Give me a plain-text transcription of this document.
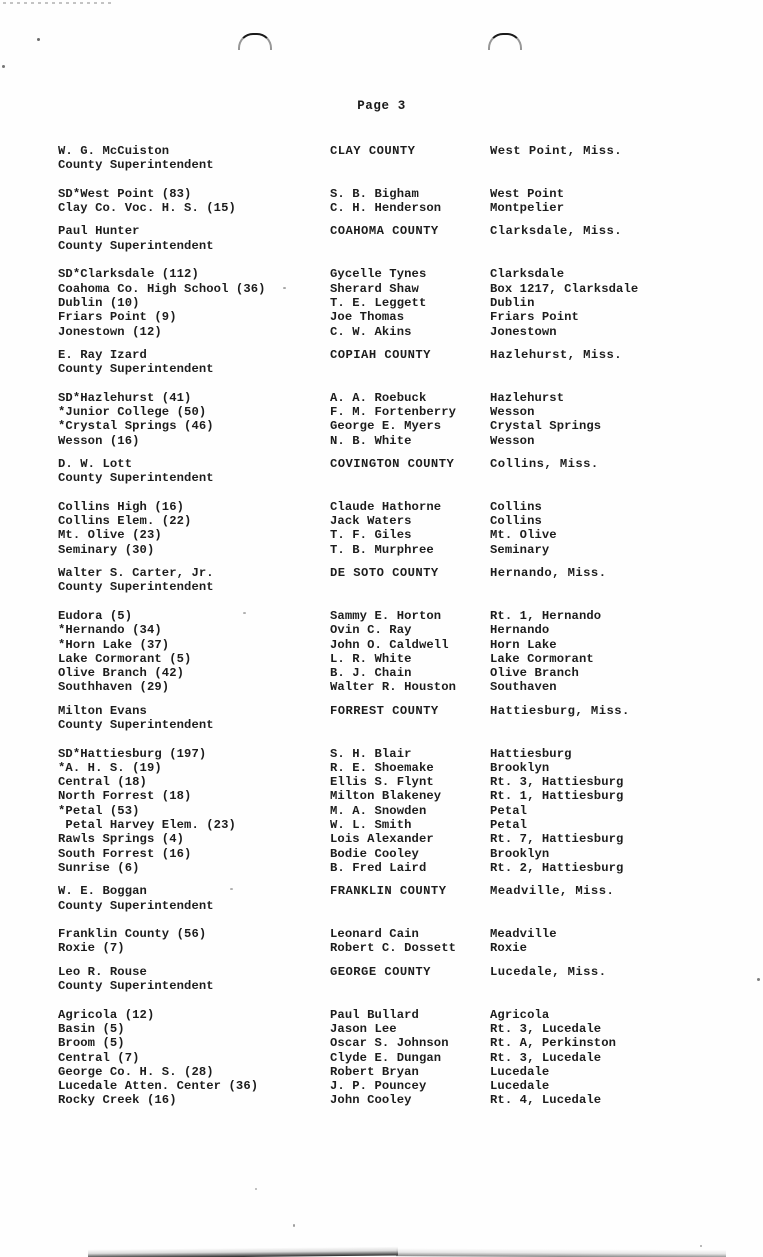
Page 3
W. G. McCuiston	CLAY COUNTY	West Point, Miss.
County Superintendent
SD*West Point (83)	S. B. Bigham	West Point
Clay Co. Voc. H. S. (15)	C. H. Henderson	Montpelier
Paul Hunter	COAHOMA COUNTY	Clarksdale, Miss.
County Superintendent
SD*Clarksdale (112)	Gycelle Tynes	Clarksdale
Coahoma Co. High School (36)	Sherard Shaw	Box 1217, Clarksdale
Dublin (10)	T. E. Leggett	Dublin
Friars Point (9)	Joe Thomas	Friars Point
Jonestown (12)	C. W. Akins	Jonestown
E. Ray Izard	COPIAH COUNTY	Hazlehurst, Miss.
County Superintendent
SD*Hazlehurst (41)	A. A. Roebuck	Hazlehurst
*Junior College (50)	F. M. Fortenberry	Wesson
*Crystal Springs (46)	George E. Myers	Crystal Springs
Wesson (16)	N. B. White	Wesson
D. W. Lott	COVINGTON COUNTY	Collins, Miss.
County Superintendent
Collins High (16)	Claude Hathorne	Collins
Collins Elem. (22)	Jack Waters	Collins
Mt. Olive (23)	T. F. Giles	Mt. Olive
Seminary (30)	T. B. Murphree	Seminary
Walter S. Carter, Jr.	DE SOTO COUNTY	Hernando, Miss.
County Superintendent
Eudora (5)	Sammy E. Horton	Rt. 1, Hernando
*Hernando (34)	Ovin C. Ray	Hernando
*Horn Lake (37)	John O. Caldwell	Horn Lake
Lake Cormorant (5)	L. R. White	Lake Cormorant
Olive Branch (42)	B. J. Chain	Olive Branch
Southhaven (29)	Walter R. Houston	Southaven
Milton Evans	FORREST COUNTY	Hattiesburg, Miss.
County Superintendent
SD*Hattiesburg (197)	S. H. Blair	Hattiesburg
*A. H. S. (19)	R. E. Shoemake	Brooklyn
Central (18)	Ellis S. Flynt	Rt. 3, Hattiesburg
North Forrest (18)	Milton Blakeney	Rt. 1, Hattiesburg
*Petal (53)	M. A. Snowden	Petal
Petal Harvey Elem. (23)	W. L. Smith	Petal
Rawls Springs (4)	Lois Alexander	Rt. 7, Hattiesburg
South Forrest (16)	Bodie Cooley	Brooklyn
Sunrise (6)	B. Fred Laird	Rt. 2, Hattiesburg
W. E. Boggan	FRANKLIN COUNTY	Meadville, Miss.
County Superintendent
Franklin County (56)	Leonard Cain	Meadville
Roxie (7)	Robert C. Dossett	Roxie
Leo R. Rouse	GEORGE COUNTY	Lucedale, Miss.
County Superintendent
Agricola (12)	Paul Bullard	Agricola
Basin (5)	Jason Lee	Rt. 3, Lucedale
Broom (5)	Oscar S. Johnson	Rt. A, Perkinston
Central (7)	Clyde E. Dungan	Rt. 3, Lucedale
George Co. H. S. (28)	Robert Bryan	Lucedale
Lucedale Atten. Center (36)	J. P. Pouncey	Lucedale
Rocky Creek (16)	John Cooley	Rt. 4, Lucedale
